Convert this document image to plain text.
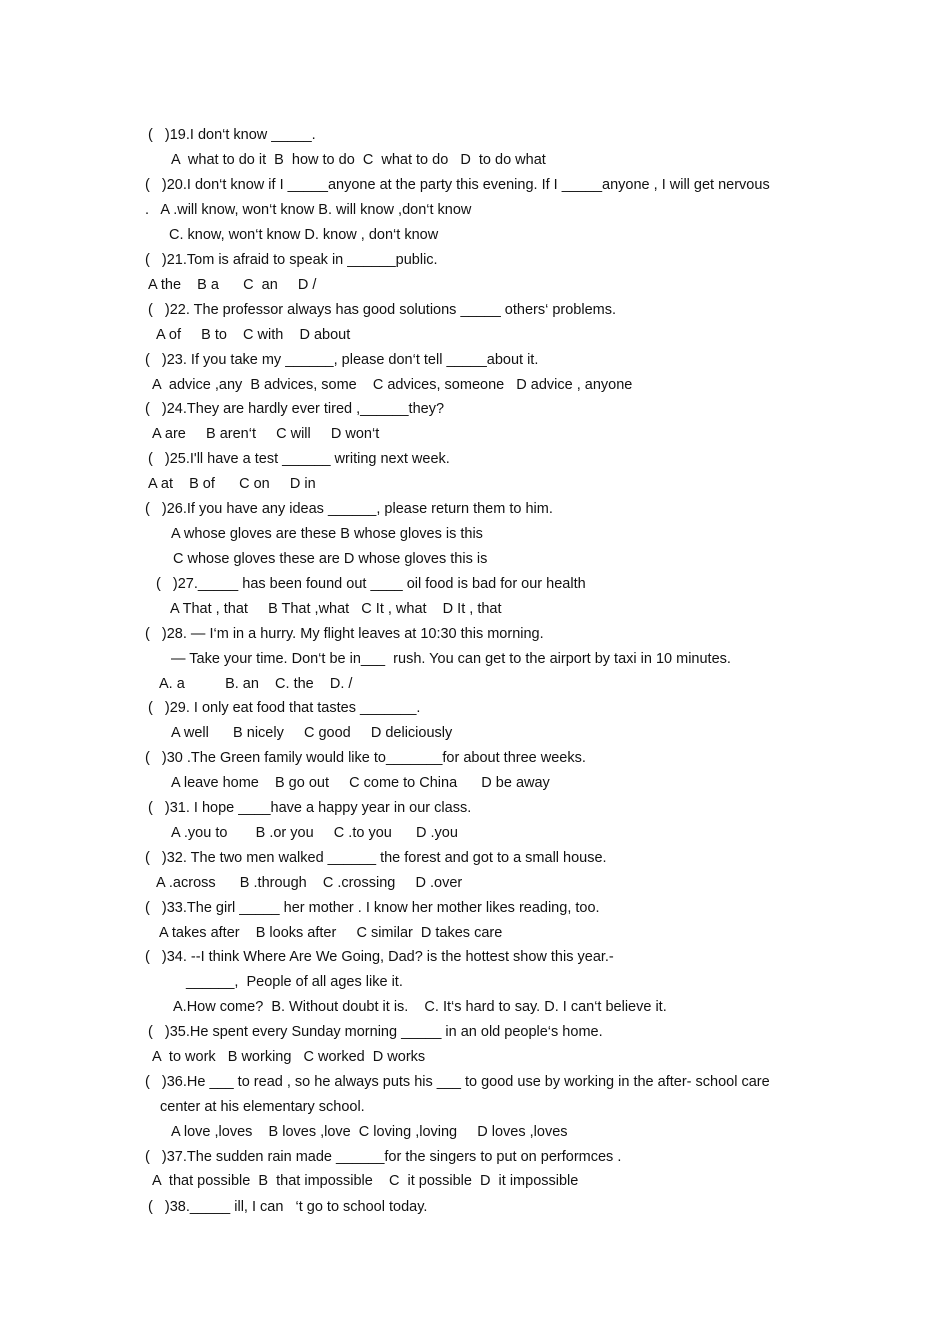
(   )19.I don‘t know _____.
A  what to do it  B  how to do  C  what to do   D  to do what
(   )20.I don‘t know if I _____anyone at the party this evening. If I _____anyone , I will get nervous
.   A .will know, won‘t know B. will know ,don‘t know
C. know, won‘t know D. know , don‘t know
(   )21.Tom is afraid to speak in ______public.
A the    B a      C  an     D /
(   )22. The professor always has good solutions _____ others‘ problems.
A of     B to    C with    D about
(   )23. If you take my ______, please don‘t tell _____about it.
A  advice ,any  B advices, some    C advices, someone   D advice , anyone
(   )24.They are hardly ever tired ,______they?
A are     B aren‘t     C will     D won‘t
(   )25.I'll have a test ______ writing next week.
A at    B of      C on     D in
(   )26.If you have any ideas ______, please return them to him.
A whose gloves are these B whose gloves is this
C whose gloves these are D whose gloves this is
(   )27._____ has been found out ____ oil food is bad for our health
A That , that     B That ,what   C It , what    D It , that
(   )28. — I‘m in a hurry. My flight leaves at 10:30 this morning.
— Take your time. Don‘t be in___  rush. You can get to the airport by taxi in 10 minutes.
A. a          B. an    C. the    D. /
(   )29. I only eat food that tastes _______.
A well      B nicely     C good     D deliciously
(   )30 .The Green family would like to_______for about three weeks.
A leave home    B go out     C come to China      D be away
(   )31. I hope ____have a happy year in our class.
A .you to       B .or you     C .to you      D .you
(   )32. The two men walked ______ the forest and got to a small house.
A .across      B .through    C .crossing     D .over
(   )33.The girl _____ her mother . I know her mother likes reading, too.
A takes after    B looks after     C similar  D takes care
(   )34. --I think Where Are We Going, Dad? is the hottest show this year.-
______,  People of all ages like it.
A.How come?  B. Without doubt it is.    C. It‘s hard to say. D. I can‘t believe it.
(   )35.He spent every Sunday morning _____ in an old people‘s home.
A  to work   B working   C worked  D works
(   )36.He ___ to read , so he always puts his ___ to good use by working in the after- school care
center at his elementary school.
A love ,loves    B loves ,love  C loving ,loving     D loves ,loves
(   )37.The sudden rain made ______for the singers to put on performces .
A  that possible  B  that impossible    C  it possible  D  it impossible
(   )38._____ ill, I can   ‘t go to school today.
